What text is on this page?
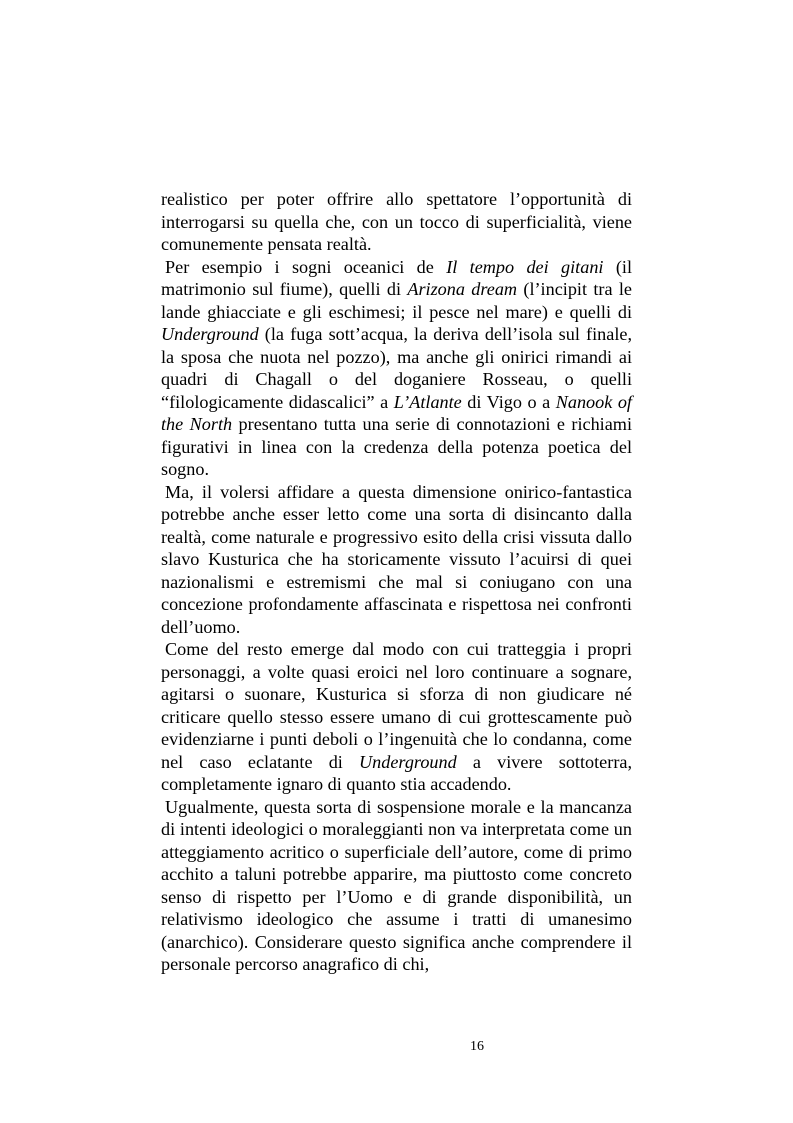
realistico per poter offrire allo spettatore l’opportunità di interrogarsi su quella che, con un tocco di superficialità, viene comunemente pensata realtà.

Per esempio i sogni oceanici de Il tempo dei gitani (il matrimonio sul fiume), quelli di Arizona dream (l’incipit tra le lande ghiacciate e gli eschimesi; il pesce nel mare) e quelli di Underground (la fuga sott’acqua, la deriva dell’isola sul finale, la sposa che nuota nel pozzo), ma anche gli onirici rimandi ai quadri di Chagall o del doganiere Rosseau, o quelli “filologicamente didascalici” a L’Atlante di Vigo o a Nanook of the North presentano tutta una serie di connotazioni e richiami figurativi in linea con la credenza della potenza poetica del sogno.

Ma, il volersi affidare a questa dimensione onirico-fantastica potrebbe anche esser letto come una sorta di disincanto dalla realtà, come naturale e progressivo esito della crisi vissuta dallo slavo Kusturica che ha storicamente vissuto l’acuirsi di quei nazionalismi e estremismi che mal si coniugano con una concezione profondamente affascinata e rispettosa nei confronti dell’uomo.

Come del resto emerge dal modo con cui tratteggia i propri personaggi, a volte quasi eroici nel loro continuare a sognare, agitarsi o suonare, Kusturica si sforza di non giudicare né criticare quello stesso essere umano di cui grottescamente può evidenziarne i punti deboli o l’ingenuità che lo condanna, come nel caso eclatante di Underground a vivere sottoterra, completamente ignaro di quanto stia accadendo.

Ugualmente, questa sorta di sospensione morale e la mancanza di intenti ideologici o moraleggianti non va interpretata come un atteggiamento acritico o superficiale dell’autore, come di primo acchito a taluni potrebbe apparire, ma piuttosto come concreto senso di rispetto per l’Uomo e di grande disponibilità, un relativismo ideologico che assume i tratti di umanesimo (anarchico). Considerare questo significa anche comprendere il personale percorso anagrafico di chi,

16
